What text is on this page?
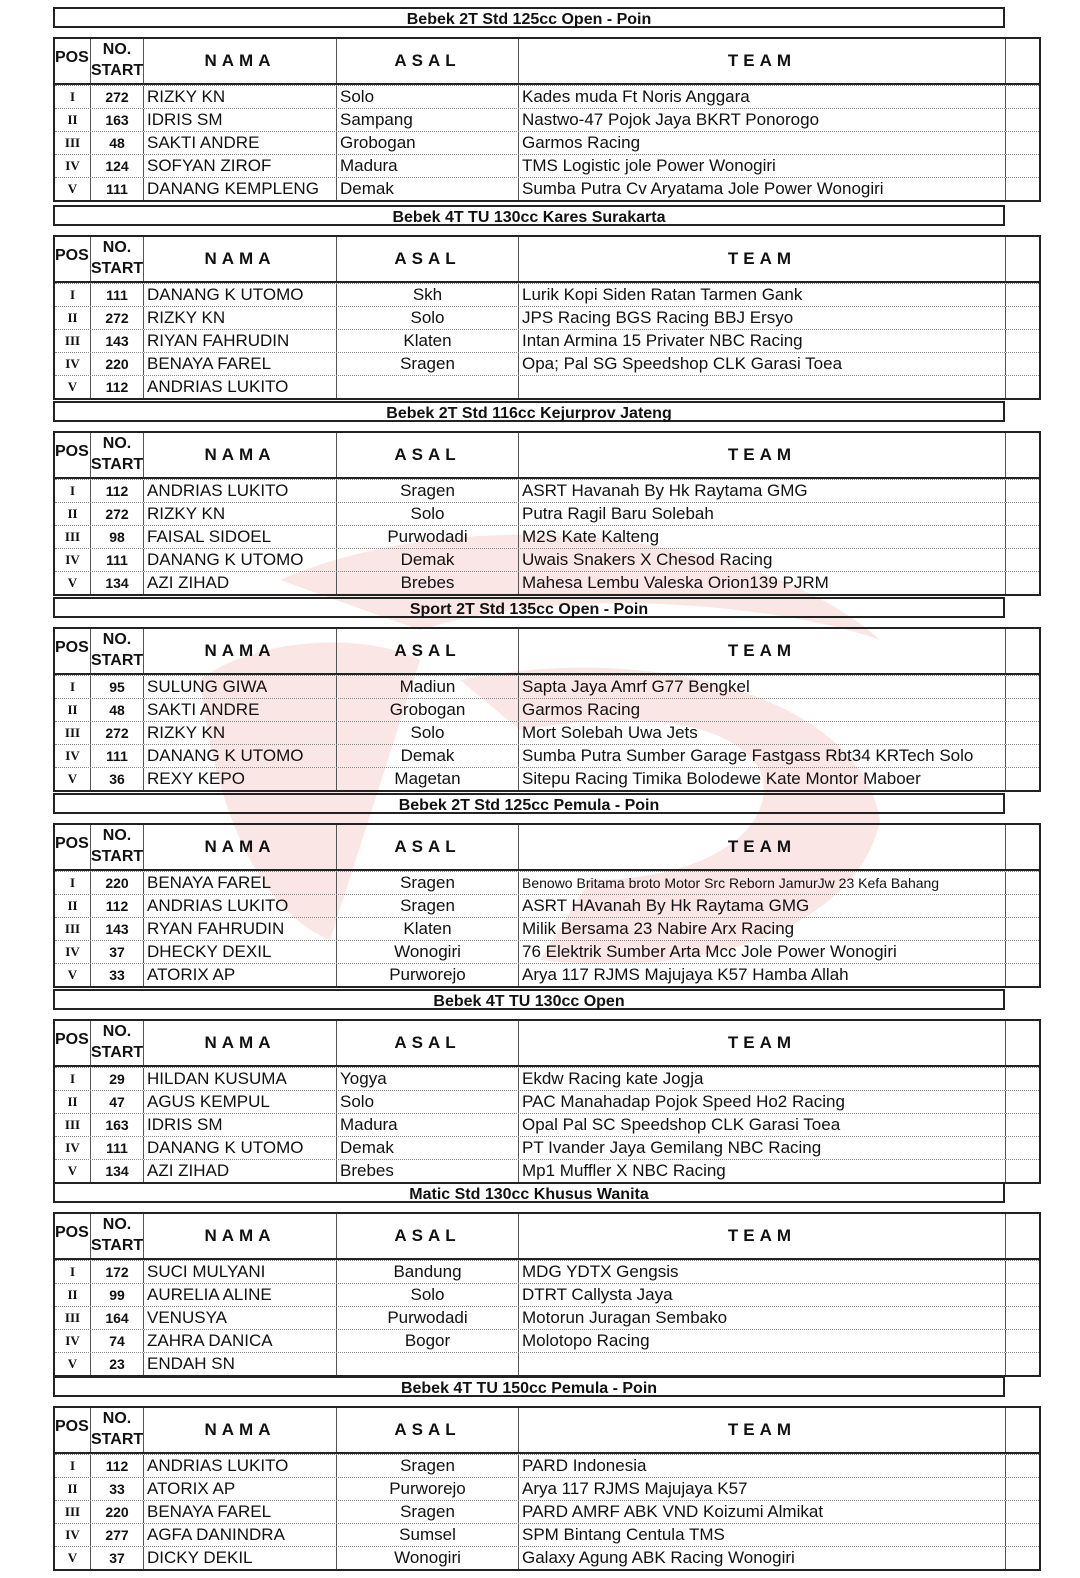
Bebek 2T Std 125cc Open - Poin
POS NO.
START
NAMA	ASAL	TEAM
I	272	RIZKY KN	Solo	Kades muda Ft Noris Anggara
II	163	IDRIS SM	Sampang	Nastwo-47 Pojok Jaya BKRT Ponorogo
III	48	SAKTI ANDRE	Grobogan	Garmos Racing
IV	124	SOFYAN ZIROF	Madura	TMS Logistic jole Power Wonogiri
V	111	DANANG KEMPLENG	Demak	Sumba Putra Cv Aryatama Jole Power Wonogiri
Bebek 4T TU 130cc Kares Surakarta
POS NO.
START
NAMA	ASAL	TEAM
I	111	DANANG K UTOMO	Skh	Lurik Kopi Siden Ratan Tarmen Gank
II	272	RIZKY KN	Solo	JPS Racing BGS Racing BBJ Ersyo
III	143	RIYAN FAHRUDIN	Klaten	Intan Armina 15 Privater NBC Racing
IV	220	BENAYA FAREL	Sragen	Opa; Pal SG Speedshop CLK Garasi Toea
V	112	ANDRIAS LUKITO
Bebek 2T Std 116cc Kejurprov Jateng
POS NO.
START
NAMA	ASAL	TEAM
I	112	ANDRIAS LUKITO	Sragen	ASRT Havanah By Hk Raytama GMG
II	272	RIZKY KN	Solo	Putra Ragil Baru Solebah
III	98	FAISAL SIDOEL	Purwodadi	M2S Kate Kalteng
IV	111	DANANG K UTOMO	Demak	Uwais Snakers X Chesod Racing
V	134	AZI ZIHAD	Brebes	Mahesa Lembu Valeska Orion139 PJRM
Sport 2T Std 135cc Open - Poin
POS NO.
START
NAMA	ASAL	TEAM
I	95	SULUNG GIWA	Madiun	Sapta Jaya Amrf G77 Bengkel
II	48	SAKTI ANDRE	Grobogan	Garmos Racing
III	272	RIZKY KN	Solo	Mort Solebah Uwa Jets
IV	111	DANANG K UTOMO	Demak	Sumba Putra Sumber Garage Fastgass Rbt34 KRTech Solo
V	36	REXY KEPO	Magetan	Sitepu Racing Timika Bolodewe Kate Montor Maboer
Bebek 2T Std 125cc Pemula - Poin
POS NO.
START
NAMA	ASAL	TEAM
I	220	BENAYA FAREL	Sragen	Benowo Britama broto Motor Src Reborn JamurJw 23 Kefa Bahang
II	112	ANDRIAS LUKITO	Sragen	ASRT HAvanah By Hk Raytama GMG
III	143	RYAN FAHRUDIN	Klaten	Milik Bersama 23 Nabire Arx Racing
IV	37	DHECKY DEXIL	Wonogiri	76 Elektrik Sumber Arta Mcc Jole Power Wonogiri
V	33	ATORIX AP	Purworejo	Arya 117 RJMS Majujaya K57 Hamba Allah
Bebek 4T TU 130cc Open
POS NO.
START
NAMA	ASAL	TEAM
I	29	HILDAN KUSUMA	Yogya	Ekdw Racing kate Jogja
II	47	AGUS KEMPUL	Solo	PAC Manahadap Pojok Speed Ho2 Racing
III	163	IDRIS SM	Madura	Opal Pal SC Speedshop CLK Garasi Toea
IV	111	DANANG K UTOMO	Demak	PT Ivander Jaya Gemilang NBC Racing
V	134	AZI ZIHAD	Brebes	Mp1 Muffler X NBC Racing
Matic Std 130cc Khusus Wanita
POS NO.
START
NAMA	ASAL	TEAM
I	172	SUCI MULYANI	Bandung	MDG YDTX Gengsis
II	99	AURELIA ALINE	Solo	DTRT Callysta Jaya
III	164	VENUSYA	Purwodadi	Motorun Juragan Sembako
IV	74	ZAHRA DANICA	Bogor	Molotopo Racing
V	23	ENDAH SN
Bebek 4T TU 150cc Pemula - Poin
POS NO.
START
NAMA	ASAL	TEAM
I	112	ANDRIAS LUKITO	Sragen	PARD Indonesia
II	33	ATORIX AP	Purworejo	Arya 117 RJMS Majujaya K57
III	220	BENAYA FAREL	Sragen	PARD AMRF ABK VND Koizumi Almikat
IV	277	AGFA DANINDRA	Sumsel	SPM Bintang Centula TMS
V	37	DICKY DEKIL	Wonogiri	Galaxy Agung ABK Racing Wonogiri
